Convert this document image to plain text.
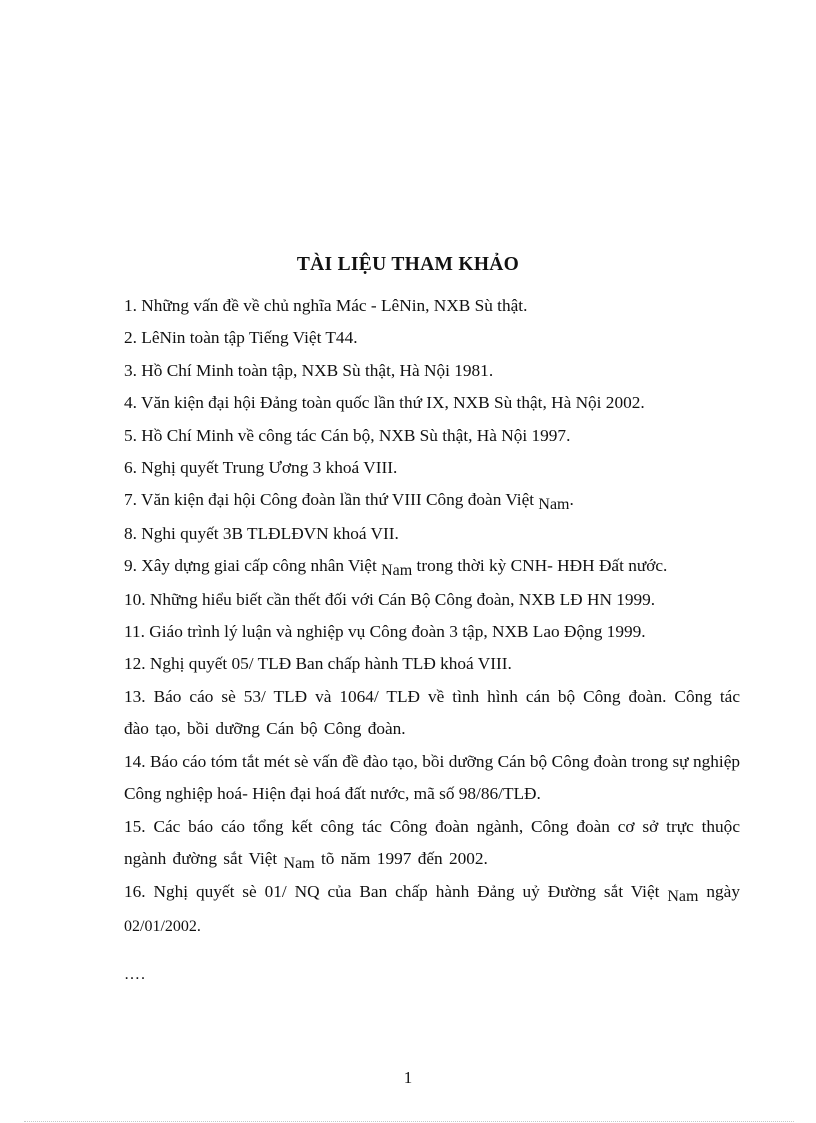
TÀI LIỆU THAM KHẢO

1. Những vấn đề về chủ nghĩa Mác - LêNin, NXB Sù thật.

2. LêNin toàn tập Tiếng Việt T44.

3. Hồ Chí Minh toàn tập, NXB Sù thật, Hà Nội 1981.

4. Văn kiện đại hội Đảng toàn quốc lần thứ IX, NXB Sù thật, Hà Nội 2002.

5. Hồ Chí Minh về công tác Cán bộ, NXB Sù thật, Hà Nội 1997.

6. Nghị quyết Trung Ương 3 khoá VIII.

7. Văn kiện đại hội Công đoàn lần thứ VIII Công đoàn Việt Nam.

8. Nghi quyết 3B TLĐLĐVN khoá VII.

9. Xây dựng giai cấp công nhân Việt Nam trong thời kỳ CNH- HĐH Đất nước.

10. Những hiểu biết cần thết đối với Cán Bộ Công đoàn, NXB LĐ HN 1999.

11. Giáo trình lý luận và nghiệp vụ Công đoàn 3 tập, NXB Lao Động 1999.

12. Nghị quyết 05/ TLĐ Ban chấp hành TLĐ khoá VIII.

13. Báo cáo sè 53/ TLĐ và 1064/ TLĐ về tình hình cán bộ Công đoàn. Công tác đào tạo, bồi dưỡng Cán bộ Công đoàn.

14. Báo cáo tóm tắt mét sè vấn đề đào tạo, bồi dưỡng Cán bộ Công đoàn trong sự nghiệp Công nghiệp hoá- Hiện đại hoá đất nước, mã số 98/86/TLĐ.

15. Các báo cáo tổng kết công tác Công đoàn ngành, Công đoàn cơ sở trực thuộc ngành đường sắt Việt Nam tõ năm 1997 đến 2002.

16. Nghị quyết sè 01/ NQ của Ban chấp hành Đảng uỷ Đường sắt Việt Nam ngày 02/01/2002.

….

1
